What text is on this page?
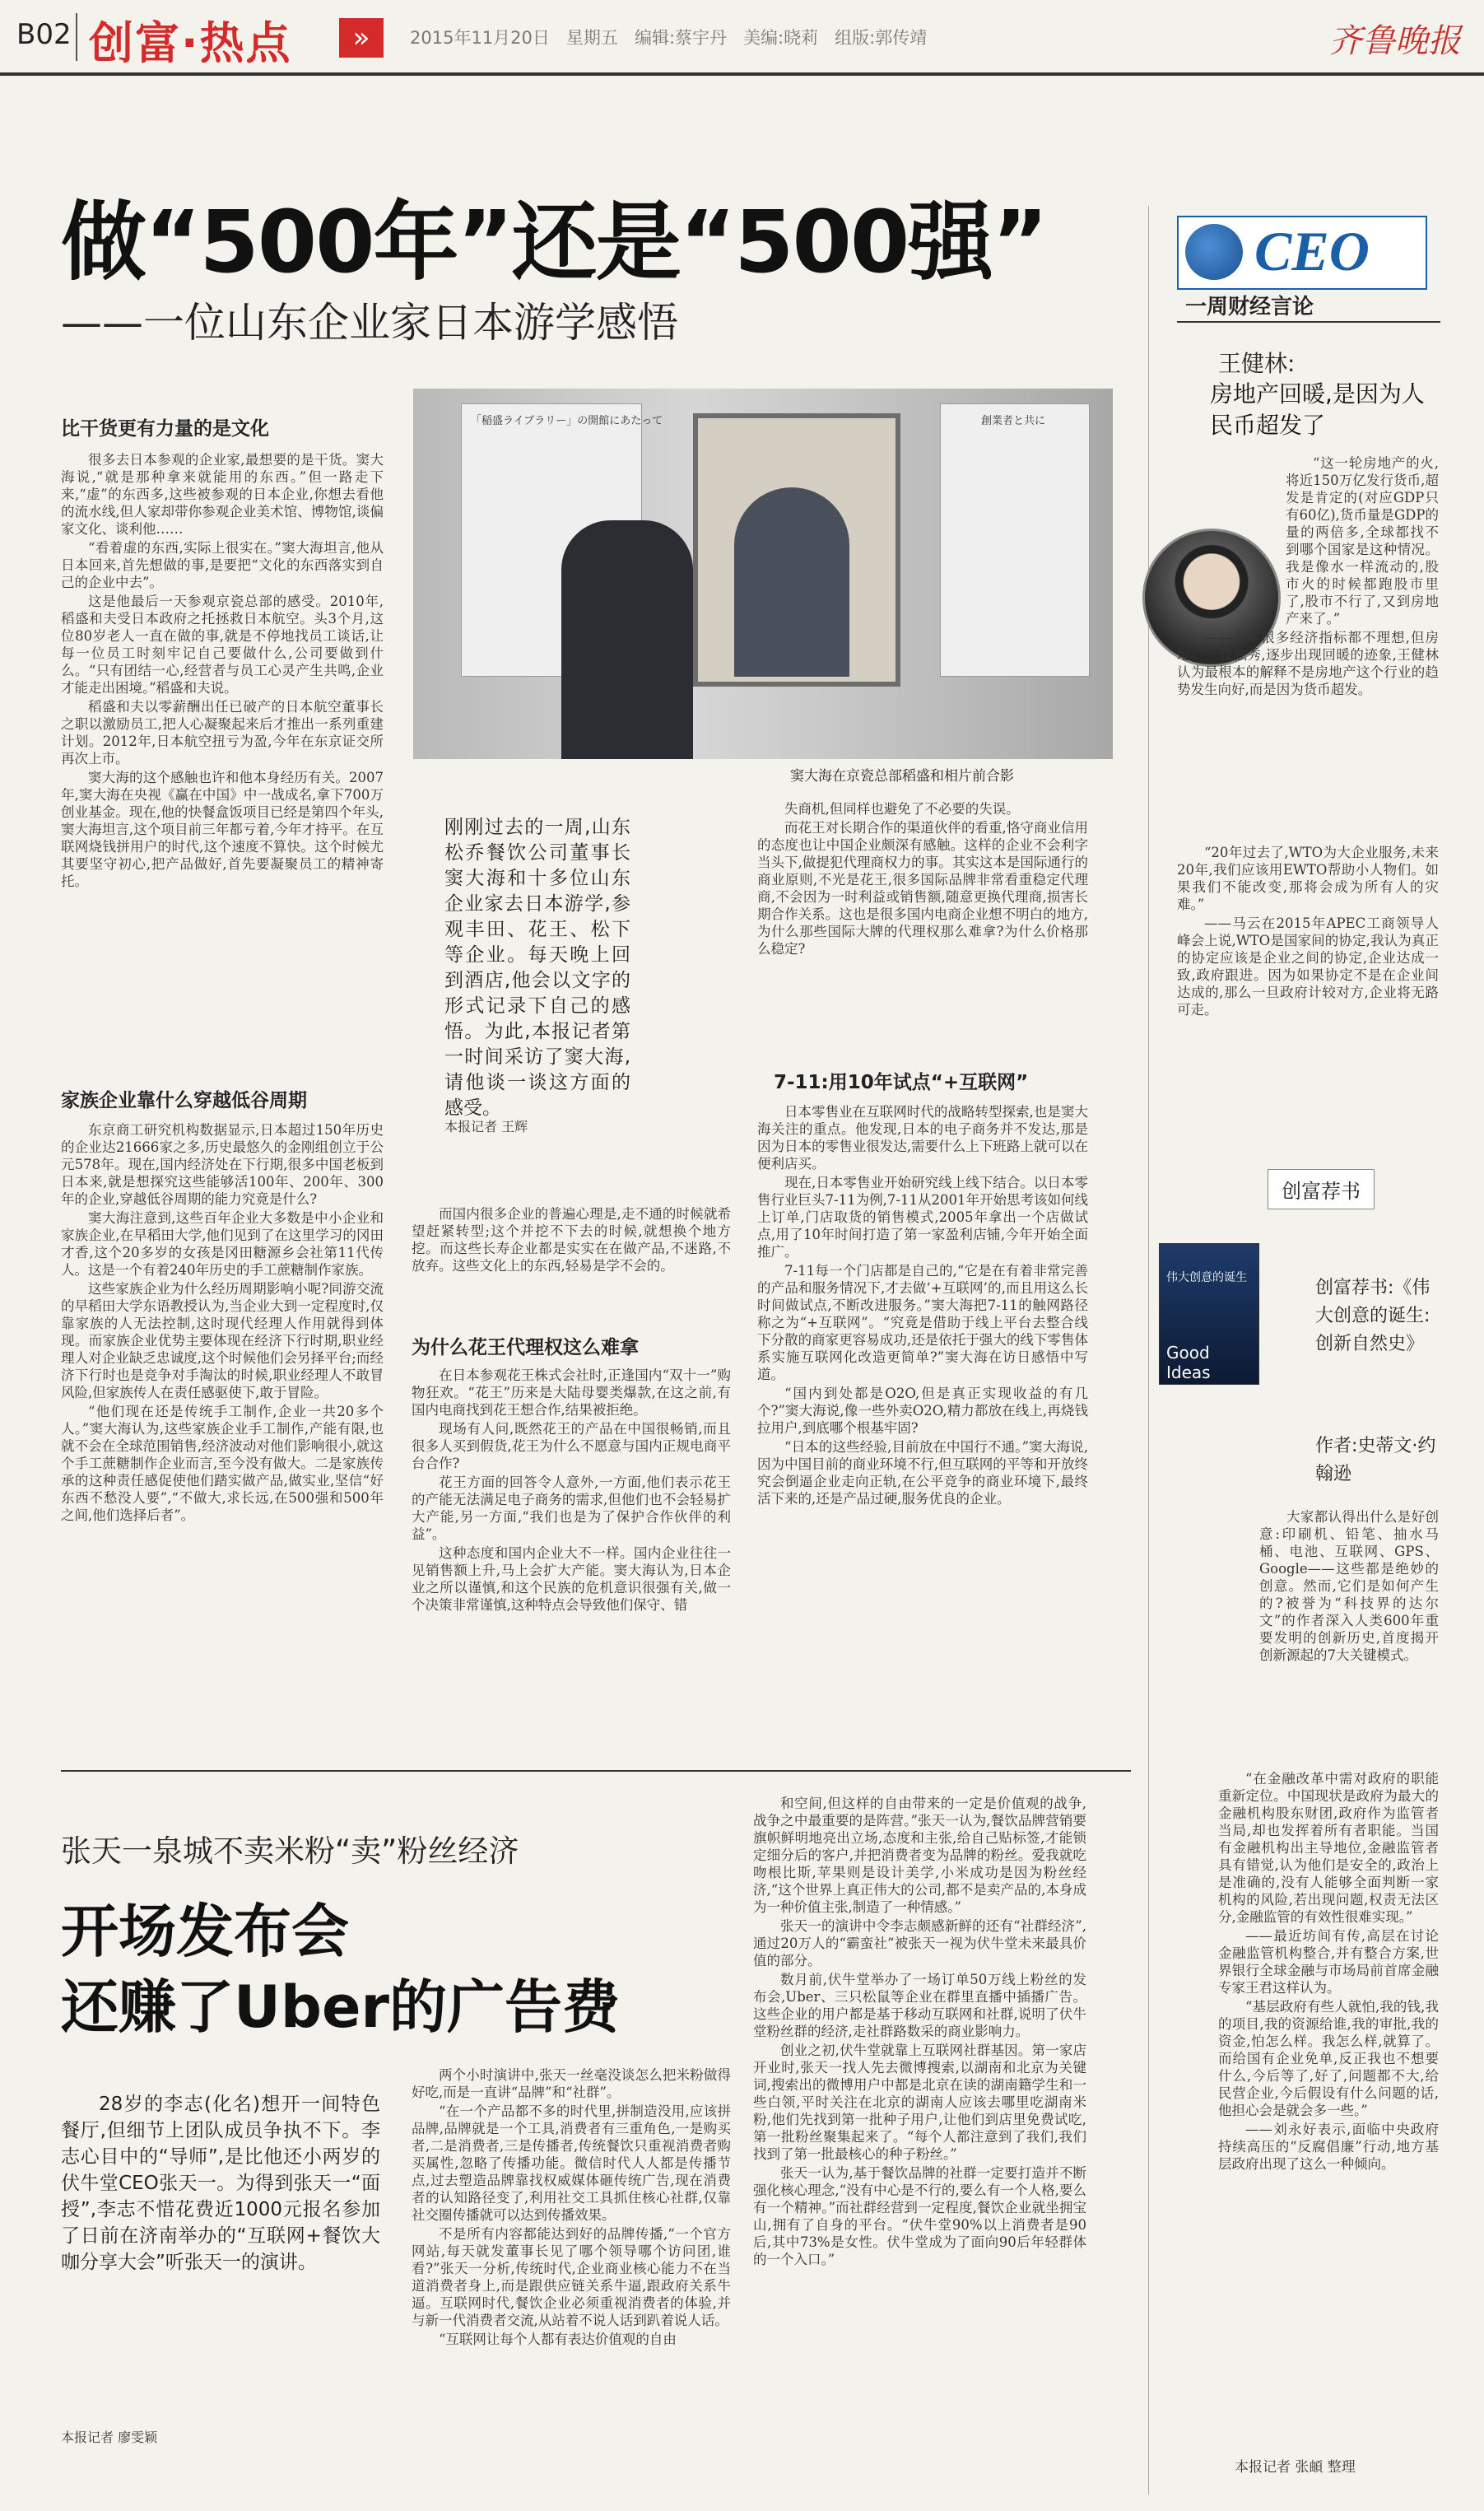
B02 创富·热点	»	2015年11月20日 星期五 编辑:蔡宇丹 美编:晓莉 组版:郭传靖	齐鲁晚报
做“500年”还是“500强”
——一位山东企业家日本游学感悟
比干货更有力量的是文化

很多去日本参观的企业家,最想要的是干货。窦大海说,“就是那种拿来就能用的东西。”但一路走下来,“虚”的东西多,这些被参观的日本企业,你想去看他的流水线,但人家却带你参观企业美术馆、博物馆,谈偏家文化、谈利他……

“看着虚的东西,实际上很实在。”窦大海坦言,他从日本回来,首先想做的事,是要把“文化的东西落实到自己的企业中去”。

这是他最后一天参观京瓷总部的感受。2010年,稻盛和夫受日本政府之托拯救日本航空。头3个月,这位80岁老人一直在做的事,就是不停地找员工谈话,让每一位员工时刻牢记自己要做什么,公司要做到什么。“只有团结一心,经营者与员工心灵产生共鸣,企业才能走出困境。”稻盛和夫说。

稻盛和夫以零薪酬出任已破产的日本航空董事长之职以激励员工,把人心凝聚起来后才推出一系列重建计划。2012年,日本航空扭亏为盈,今年在东京证交所再次上市。

窦大海的这个感触也许和他本身经历有关。2007年,窦大海在央视《赢在中国》中一战成名,拿下700万创业基金。现在,他的快餐盒饭项目已经是第四个年头,窦大海坦言,这个项目前三年都亏着,今年才持平。在互联网烧钱拼用户的时代,这个速度不算快。这个时候尤其要坚守初心,把产品做好,首先要凝聚员工的精神寄托。

家族企业靠什么穿越低谷周期

东京商工研究机构数据显示,日本超过150年历史的企业达21666家之多,历史最悠久的金刚组创立于公元578年。现在,国内经济处在下行期,很多中国老板到日本来,就是想探究这些能够活100年、200年、300年的企业,穿越低谷周期的能力究竟是什么?

窦大海注意到,这些百年企业大多数是中小企业和家族企业,在早稻田大学,他们见到了在这里学习的冈田才香,这个20多岁的女孩是冈田糖源乡会社第11代传人。这是一个有着240年历史的手工蔗糖制作家族。

这些家族企业为什么经历周期影响小呢?同游交流的早稻田大学东语教授认为,当企业大到一定程度时,仅靠家族的人无法控制,这时现代经理人作用就得到体现。而家族企业优势主要体现在经济下行时期,职业经理人对企业缺乏忠诚度,这个时候他们会另择平台;而经济下行时也是竞争对手淘汰的时候,职业经理人不敢冒风险,但家族传人在责任感驱使下,敢于冒险。

“他们现在还是传统手工制作,企业一共20多个人。”窦大海认为,这些家族企业手工制作,产能有限,也就不会在全球范围销售,经济波动对他们影响很小,就这个手工蔗糖制作企业而言,至今没有做大。二是家族传承的这种责任感促使他们踏实做产品,做实业,坚信“好东西不愁没人要”,“不做大,求长远,在500强和500年之间,他们选择后者”。

「稲盛ライブラリー」の開館にあたって	創業者と共に
窦大海在京瓷总部稻盛和相片前合影
刚刚过去的一周,山东松乔餐饮公司董事长窦大海和十多位山东企业家去日本游学,参观丰田、花王、松下等企业。每天晚上回到酒店,他会以文字的形式记录下自己的感悟。为此,本报记者第一时间采访了窦大海,请他谈一谈这方面的感受。
本报记者 王辉

而国内很多企业的普遍心理是,走不通的时候就希望赶紧转型;这个并挖不下去的时候,就想换个地方挖。而这些长寿企业都是实实在在做产品,不迷路,不放弃。这些文化上的东西,轻易是学不会的。

为什么花王代理权这么难拿

在日本参观花王株式会社时,正逢国内“双十一”购物狂欢。“花王”历来是大陆母婴类爆款,在这之前,有国内电商找到花王想合作,结果被拒绝。

现场有人问,既然花王的产品在中国很畅销,而且很多人买到假货,花王为什么不愿意与国内正规电商平台合作?

花王方面的回答令人意外,一方面,他们表示花王的产能无法满足电子商务的需求,但他们也不会轻易扩大产能,另一方面,“我们也是为了保护合作伙伴的利益”。

这种态度和国内企业大不一样。国内企业往往一见销售额上升,马上会扩大产能。窦大海认为,日本企业之所以谨慎,和这个民族的危机意识很强有关,做一个决策非常谨慎,这种特点会导致他们保守、错

失商机,但同样也避免了不必要的失误。

而花王对长期合作的渠道伙伴的看重,恪守商业信用的态度也让中国企业颇深有感触。这样的企业不会利字当头下,做提犯代理商权力的事。其实这本是国际通行的商业原则,不光是花王,很多国际品牌非常看重稳定代理商,不会因为一时利益或销售额,随意更换代理商,损害长期合作关系。这也是很多国内电商企业想不明白的地方,为什么那些国际大牌的代理权那么难拿?为什么价格那么稳定?

7-11:用10年试点“+互联网”

日本零售业在互联网时代的战略转型探索,也是窦大海关注的重点。他发现,日本的电子商务并不发达,那是因为日本的零售业很发达,需要什么上下班路上就可以在便利店买。

现在,日本零售业开始研究线上线下结合。以日本零售行业巨头7-11为例,7-11从2001年开始思考该如何线上订单,门店取货的销售模式,2005年拿出一个店做试点,用了10年时间打造了第一家盈利店铺,今年开始全面推广。

7-11每一个门店都是自己的,“它是在有着非常完善的产品和服务情况下,才去做‘+互联网’的,而且用这么长时间做试点,不断改进服务。”窦大海把7-11的触网路径称之为“+互联网”。“究竟是借助于线上平台去整合线下分散的商家更容易成功,还是依托于强大的线下零售体系实施互联网化改造更简单?”窦大海在访日感悟中写道。

“国内到处都是O2O,但是真正实现收益的有几个?”窦大海说,像一些外卖O2O,精力都放在线上,再烧钱拉用户,到底哪个根基牢固?

“日本的这些经验,目前放在中国行不通。”窦大海说,因为中国目前的商业环境不行,但互联网的平等和开放终究会倒逼企业走向正轨,在公平竞争的商业环境下,最终活下来的,还是产品过硬,服务优良的企业。

张天一泉城不卖米粉“卖”粉丝经济
开场发布会
还赚了Uber的广告费
28岁的李志(化名)想开一间特色餐厅,但细节上团队成员争执不下。李志心目中的“导师”,是比他还小两岁的伏牛堂CEO张天一。为得到张天一“面授”,李志不惜花费近1000元报名参加了日前在济南举办的“互联网+餐饮大咖分享大会”听张天一的演讲。
本报记者 廖雯颖

两个小时演讲中,张天一丝毫没谈怎么把米粉做得好吃,而是一直讲“品牌”和“社群”。

“在一个产品都不多的时代里,拼制造没用,应该拼品牌,品牌就是一个工具,消费者有三重角色,一是购买者,二是消费者,三是传播者,传统餐饮只重视消费者购买属性,忽略了传播功能。微信时代人人都是传播节点,过去塑造品牌靠找权威媒体砸传统广告,现在消费者的认知路径变了,利用社交工具抓住核心社群,仅靠社交圈传播就可以达到传播效果。

不是所有内容都能达到好的品牌传播,“一个官方网站,每天就发董事长见了哪个领导哪个访问团,谁看?”张天一分析,传统时代,企业商业核心能力不在当道消费者身上,而是跟供应链关系牛逼,跟政府关系牛逼。互联网时代,餐饮企业必须重视消费者的体验,并与新一代消费者交流,从站着不说人话到趴着说人话。

“互联网让每个人都有表达价值观的自由

和空间,但这样的自由带来的一定是价值观的战争,战争之中最重要的是阵营。”张天一认为,餐饮品牌营销要旗帜鲜明地亮出立场,态度和主张,给自己贴标签,才能锁定细分后的客户,并把消费者变为品牌的粉丝。爱我就吃吻根比斯,苹果则是设计美学,小米成功是因为粉丝经济,“这个世界上真正伟大的公司,都不是卖产品的,本身成为一种价值主张,制造了一种情感。”

张天一的演讲中令李志颇感新鲜的还有“社群经济”,通过20万人的“霸蛮社”被张天一视为伏牛堂未来最具价值的部分。

数月前,伏牛堂举办了一场订单50万线上粉丝的发布会,Uber、三只松鼠等企业在群里直播中插播广告。这些企业的用户都是基于移动互联网和社群,说明了伏牛堂粉丝群的经济,走社群路数采的商业影响力。

创业之初,伏牛堂就靠上互联网社群基因。第一家店开业时,张天一找人先去微博搜索,以湖南和北京为关键词,搜索出的微博用户中都是北京在读的湖南籍学生和一些白领,平时关注在北京的湖南人应该去哪里吃湖南米粉,他们先找到第一批种子用户,让他们到店里免费试吃,第一批粉丝聚集起来了。“每个人都注意到了我们,我们找到了第一批最核心的种子粉丝。”

张天一认为,基于餐饮品牌的社群一定要打造并不断强化核心理念,“没有中心是不行的,要么有一个人格,要么有一个精神。”而社群经营到一定程度,餐饮企业就坐拥宝山,拥有了自身的平台。“伏牛堂90%以上消费者是90后,其中73%是女性。伏牛堂成为了面向90后年轻群体的一个入口。”

CEO
一周财经言论
王健林:
房地产回暖,是因为人民币超发了

“这一轮房地产的火,将近150万亿发行货币,超发是肯定的(对应GDP只有60亿),货币量是GDP的量的两倍多,全球都找不到哪个国家是这种情况。我是像水一样流动的,股市火的时候都跑股市里了,股市不行了,又到房地产来了。”

——今年很多经济指标都不理想,但房地产一枝独秀,逐步出现回暖的迹象,王健林认为最根本的解释不是房地产这个行业的趋势发生向好,而是因为货币超发。

“20年过去了,WTO为大企业服务,未来20年,我们应该用EWTO帮助小人物们。如果我们不能改变,那将会成为所有人的灾难。”

——马云在2015年APEC工商领导人峰会上说,WTO是国家间的协定,我认为真正的协定应该是企业之间的协定,企业达成一致,政府跟进。因为如果协定不是在企业间达成的,那么一旦政府计较对方,企业将无路可走。

创富荐书
伟大创意的诞生
Good Ideas
创富荐书:《伟大创意的诞生:创新自然史》
作者:史蒂文·约翰逊
大家都认得出什么是好创意:印刷机、铅笔、抽水马桶、电池、互联网、GPS、Google——这些都是绝妙的创意。然而,它们是如何产生的?被誉为“科技界的达尔文”的作者深入人类600年重要发明的创新历史,首度揭开创新源起的7大关键模式。

“在金融改革中需对政府的职能重新定位。中国现状是政府为最大的金融机构股东财团,政府作为监管者当局,却也发挥着所有者职能。当国有金融机构出主导地位,金融监管者具有错觉,认为他们是安全的,政治上是准确的,没有人能够全面判断一家机构的风险,若出现问题,权责无法区分,金融监管的有效性很难实现。”

——最近坊间有传,高层在讨论金融监管机构整合,并有整合方案,世界银行全球金融与市场局前首席金融专家王君这样认为。

“基层政府有些人就怕,我的钱,我的项目,我的资源给谁,我的审批,我的资金,怕怎么样。我怎么样,就算了。而给国有企业免单,反正我也不想要什么,今后等了,好了,问题都不大,给民营企业,今后假设有什么问题的话,他担心会是就会多一些。”

——刘永好表示,面临中央政府持续高压的“反腐倡廉”行动,地方基层政府出现了这么一种倾向。

本报记者 张頔 整理
